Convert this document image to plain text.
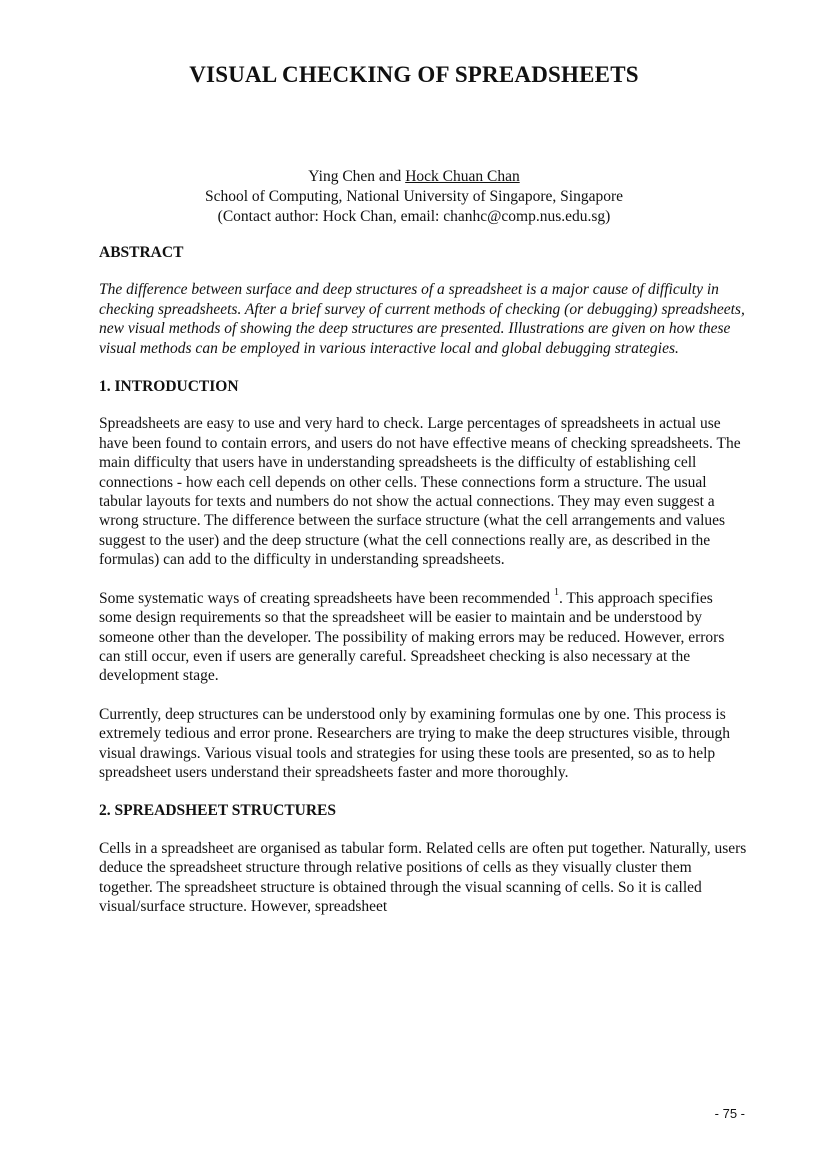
VISUAL CHECKING OF SPREADSHEETS
Ying Chen and Hock Chuan Chan
School of Computing, National University of Singapore, Singapore
(Contact author: Hock Chan, email: chanhc@comp.nus.edu.sg)
ABSTRACT

The difference between surface and deep structures of a spreadsheet is a major cause of difficulty in checking spreadsheets. After a brief survey of current methods of checking (or debugging) spreadsheets, new visual methods of showing the deep structures are presented. Illustrations are given on how these visual methods can be employed in various interactive local and global debugging strategies.

1. INTRODUCTION

Spreadsheets are easy to use and very hard to check. Large percentages of spreadsheets in actual use have been found to contain errors, and users do not have effective means of checking spreadsheets. The main difficulty that users have in understanding spreadsheets is the difficulty of establishing cell connections - how each cell depends on other cells. These connections form a structure. The usual tabular layouts for texts and numbers do not show the actual connections. They may even suggest a wrong structure. The difference between the surface structure (what the cell arrangements and values suggest to the user) and the deep structure (what the cell connections really are, as described in the formulas) can add to the difficulty in understanding spreadsheets.

Some systematic ways of creating spreadsheets have been recommended $^1$. This approach specifies some design requirements so that the spreadsheet will be easier to maintain and be understood by someone other than the developer. The possibility of making errors may be reduced. However, errors can still occur, even if users are generally careful. Spreadsheet checking is also necessary at the development stage.

Currently, deep structures can be understood only by examining formulas one by one. This process is extremely tedious and error prone. Researchers are trying to make the deep structures visible, through visual drawings. Various visual tools and strategies for using these tools are presented, so as to help spreadsheet users understand their spreadsheets faster and more thoroughly.

2. SPREADSHEET STRUCTURES

Cells in a spreadsheet are organised as tabular form. Related cells are often put together. Naturally, users deduce the spreadsheet structure through relative positions of cells as they visually cluster them together. The spreadsheet structure is obtained through the visual scanning of cells. So it is called visual/surface structure. However, spreadsheet

- 75 -
